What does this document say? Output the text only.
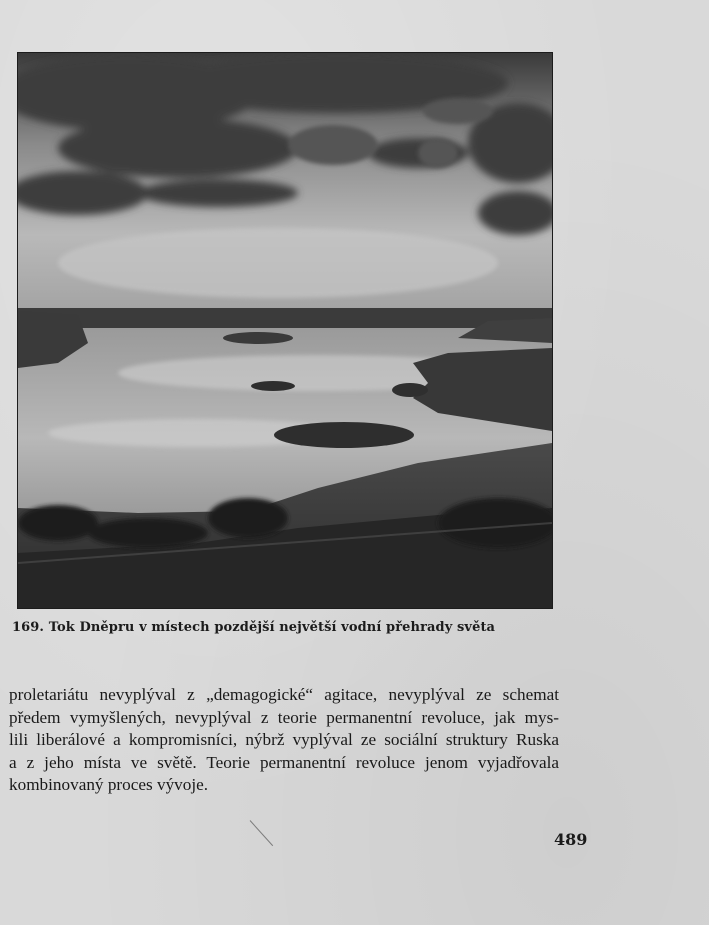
169. Tok Dněpru v místech pozdější největší vodní přehrady světa

proletariátu nevyplýval z „demagogické“ agitace, nevyplýval ze schemat
předem vymyšlených, nevyplýval z teorie permanentní revoluce, jak mys-
lili liberálové a kompromisníci, nýbrž vyplýval ze sociální struktury Ruska
a z jeho místa ve světě. Teorie permanentní revoluce jenom vyjadřovala
kombinovaný proces vývoje.

489
